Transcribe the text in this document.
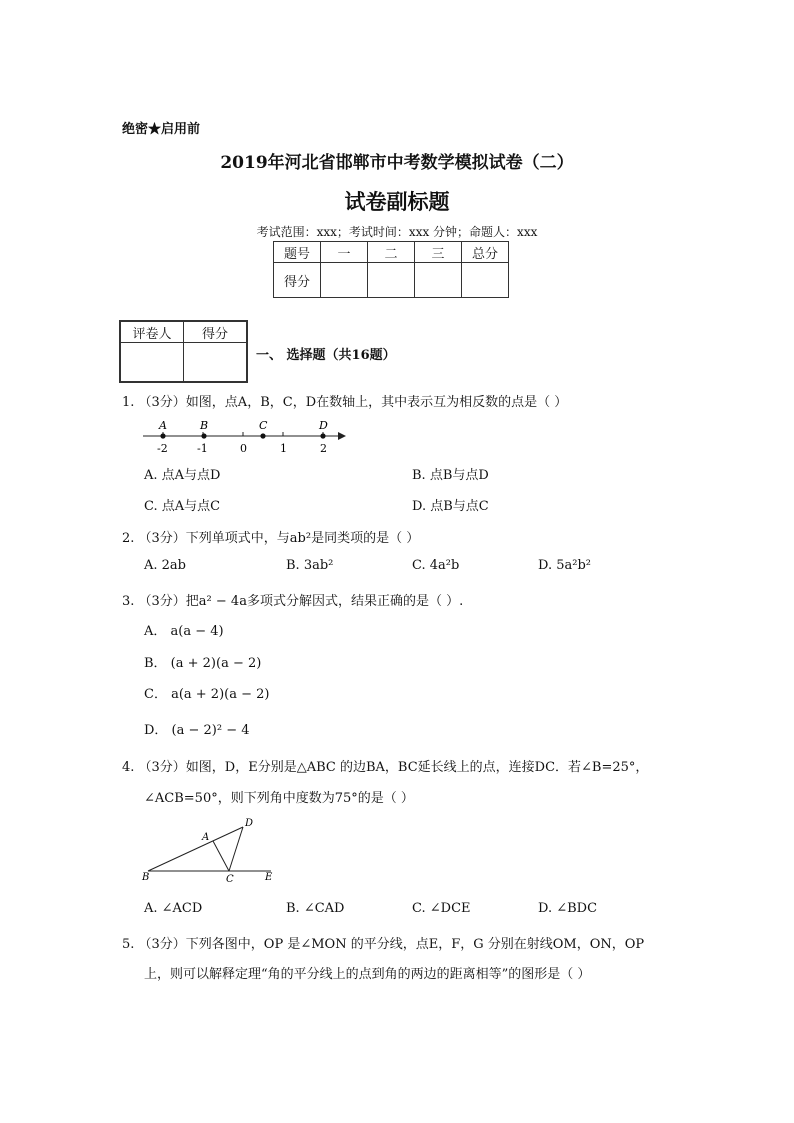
绝密★启用前
2019年河北省邯郸市中考数学模拟试卷（二）
试卷副标题
考试范围：xxx；考试时间：xxx 分钟；命题人：xxx
题号	一	二	三	总分
得分				
评卷人	得分

一、 选择题（共16题）
1. （3分）如图，点A，B，C，D在数轴上，其中表示互为相反数的点是（ ）
A	B	C	D
-2	-1	0	1	2
A. 点A与点D	B. 点B与点D
C. 点A与点C	D. 点B与点C
2. （3分）下列单项式中，与ab²是同类项的是（ ）
A. 2ab	B. 3ab²	C. 4a²b	D. 5a²b²
3. （3分）把a² − 4a多项式分解因式，结果正确的是（ ）.
A． a(a − 4)
B． (a + 2)(a − 2)
C． a(a + 2)(a − 2)
D． (a − 2)² − 4
4. （3分）如图，D，E分别是△ABC 的边BA，BC延长线上的点，连接DC．若∠B=25°，
∠ACB=50°，则下列角中度数为75°的是（ ）
A
B	C
D
E
A. ∠ACD	B. ∠CAD	C. ∠DCE	D. ∠BDC
5. （3分）下列各图中，OP 是∠MON 的平分线，点E，F，G 分别在射线OM，ON，OP
上，则可以解释定理“角的平分线上的点到角的两边的距离相等”的图形是（ ）
